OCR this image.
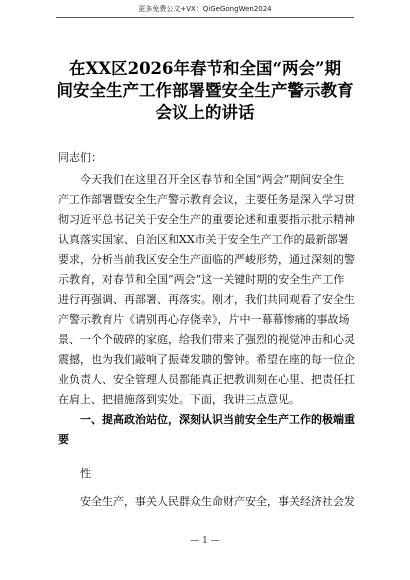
更多免费公文+VX：QiGeGongWen2024
在XX区2026年春节和全国“两会”期
间安全生产工作部署暨安全生产警示教育
会议上的讲话
同志们：
今天我们在这里召开全区春节和全国“两会”期间安全生
产工作部署暨安全生产警示教育会议，主要任务是深入学习贯
彻习近平总书记关于安全生产的重要论述和重要指示批示精神
认真落实国家、自治区和XX市关于安全生产工作的最新部署
要求，分析当前我区安全生产面临的严峻形势，通过深刻的警
示教育，对春节和全国“两会”这一关键时期的安全生产工作
进行再强调、再部署、再落实。刚才，我们共同观看了安全生
产警示教育片《请别再心存侥幸》，片中一幕幕惨痛的事故场
景、一个个破碎的家庭，给我们带来了强烈的视觉冲击和心灵
震撼，也为我们敲响了振聋发聩的警钟。希望在座的每一位企
业负责人、安全管理人员都能真正把教训刻在心里、把责任扛
在肩上、把措施落到实处。下面，我讲三点意见。
一、提高政治站位，深刻认识当前安全生产工作的极端重
要
性
安全生产，事关人民群众生命财产安全，事关经济社会发
— 1 —
